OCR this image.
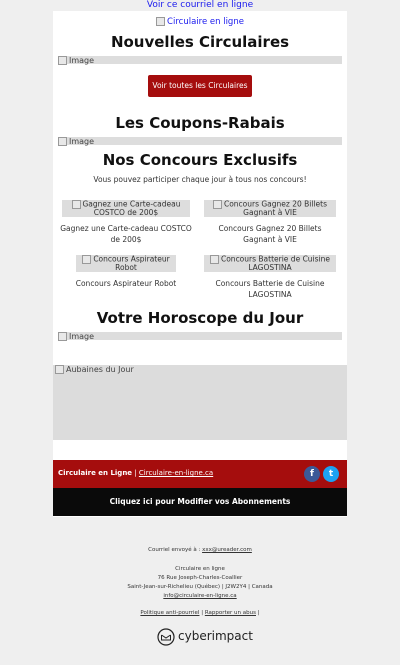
Voir ce courriel en ligne
Circulaire en ligne
Nouvelles Circulaires
Image
Voir toutes les Circulaires
Les Coupons-Rabais
Image
Nos Concours Exclusifs
Vous pouvez participer chaque jour à tous nos concours!
Gagnez une Carte-cadeau COSTCO de 200$
Gagnez une Carte-cadeau COSTCO de 200$
Concours Gagnez 20 Billets Gagnant à VIE
Concours Gagnez 20 Billets Gagnant à VIE
Concours Aspirateur Robot
Concours Aspirateur Robot
Concours Batterie de Cuisine LAGOSTINA
Concours Batterie de Cuisine LAGOSTINA
Votre Horoscope du Jour
Image
Aubaines du Jour
Circulaire en Ligne | Circulaire-en-ligne.ca	f	t
Cliquez ici pour Modifier vos Abonnements
Courriel envoyé à : xxx@ureader.com
Circulaire en ligne
76 Rue Joseph-Charles-Coallier
Saint-Jean-sur-Richelieu (Québec) | J2W2Y4 | Canada
info@circulaire-en-ligne.ca
Politique anti-pourriel | Rapporter un abus |
cyberimpact
